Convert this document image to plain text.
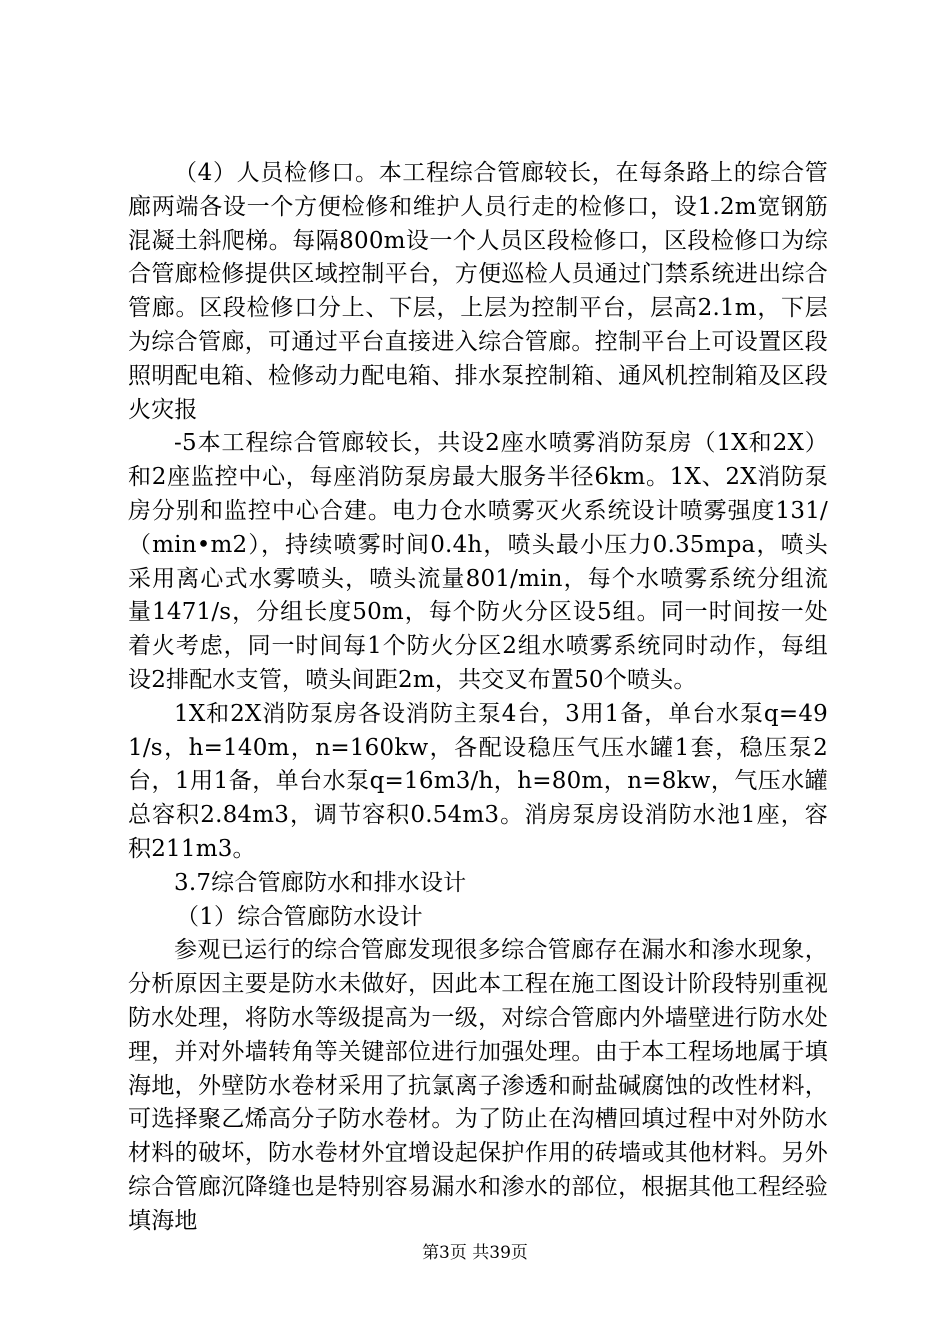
（4）人员检修口。本工程综合管廊较长，在每条路上的综合管廊两端各设一个方便检修和维护人员行走的检修口，设1.2m宽钢筋混凝土斜爬梯。每隔800m设一个人员区段检修口，区段检修口为综合管廊检修提供区域控制平台，方便巡检人员通过门禁系统进出综合管廊。区段检修口分上、下层，上层为控制平台，层高2.1m，下层为综合管廊，可通过平台直接进入综合管廊。控制平台上可设置区段照明配电箱、检修动力配电箱、排水泵控制箱、通风机控制箱及区段火灾报

-5本工程综合管廊较长，共设2座水喷雾消防泵房（1X和2X）和2座监控中心，每座消防泵房最大服务半径6km。1X、2X消防泵房分别和监控中心合建。电力仓水喷雾灭火系统设计喷雾强度131/（min•m2），持续喷雾时间0.4h，喷头最小压力0.35mpa，喷头采用离心式水雾喷头，喷头流量801/min，每个水喷雾系统分组流量1471/s，分组长度50m，每个防火分区设5组。同一时间按一处着火考虑，同一时间每1个防火分区2组水喷雾系统同时动作，每组设2排配水支管，喷头间距2m，共交叉布置50个喷头。

1X和2X消防泵房各设消防主泵4台，3用1备，单台水泵q=491/s，h=140m，n=160kw，各配设稳压气压水罐1套，稳压泵2台，1用1备，单台水泵q=16m3/h，h=80m，n=8kw，气压水罐总容积2.84m3，调节容积0.54m3。消房泵房设消防水池1座，容积211m3。

3.7综合管廊防水和排水设计

（1）综合管廊防水设计

参观已运行的综合管廊发现很多综合管廊存在漏水和渗水现象，分析原因主要是防水未做好，因此本工程在施工图设计阶段特别重视防水处理，将防水等级提高为一级，对综合管廊内外墙壁进行防水处理，并对外墙转角等关键部位进行加强处理。由于本工程场地属于填海地，外壁防水卷材采用了抗氯离子渗透和耐盐碱腐蚀的改性材料，可选择聚乙烯高分子防水卷材。为了防止在沟槽回填过程中对外防水材料的破坏，防水卷材外宜增设起保护作用的砖墙或其他材料。另外综合管廊沉降缝也是特别容易漏水和渗水的部位，根据其他工程经验填海地

第3页 共39页
